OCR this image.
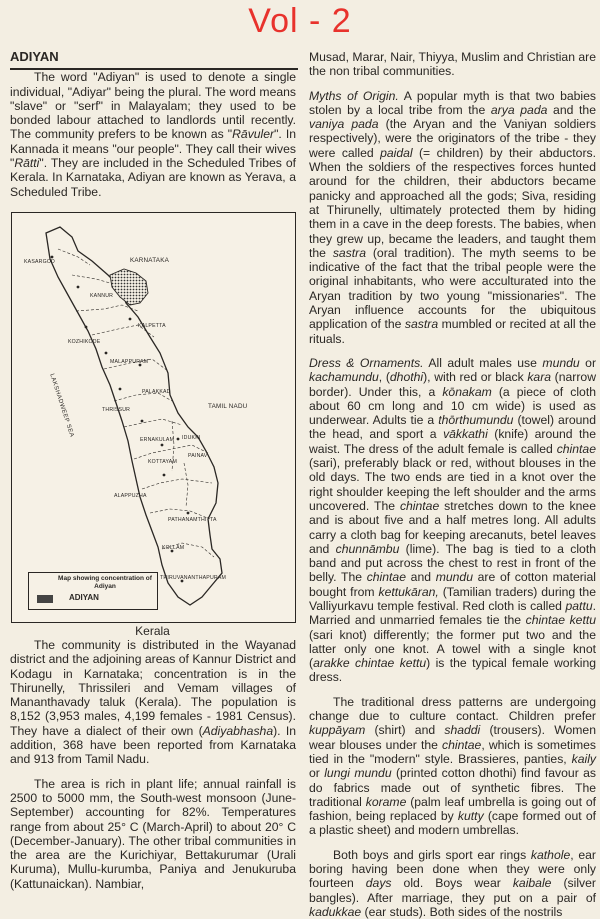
Vol - 2

ADIYAN

The word "Adiyan" is used to denote a single individual, "Adiyar" being the plural. The word means "slave" or "serf" in Malayalam; they used to be bonded labour attached to landlords until recently. The community prefers to be known as "Rāvuler". In Kannada it means "our people". They call their wives "Rātti". They are included in the Scheduled Tribes of Kerala. In Karnataka, Adiyan are known as Yerava, a Scheduled Tribe.

KASARGOD	KARNATAKA
KANNUR
KALPETTA
KOZHIKODE
MALAPPURAM
PALAKKAD
THRISSUR	TAMIL NADU
LAKSHADWEEP SEA
ERNAKULAM IDUKKI
KOTTAYAM
PAINAV
ALAPPUZHA
PATHANAMTHITTA
KOLLAM
THIRUVANANTHAPURAM
Map showing concentration of Adiyan
ADIYAN
Kerala

The community is distributed in the Wayanad district and the adjoining areas of Kannur District and Kodagu in Karnataka; concentration is in the Thirunelly, Thrissileri and Vemam villages of Mananthavady taluk (Kerala). The population is 8,152 (3,953 males, 4,199 females - 1981 Census). They have a dialect of their own (Adiyabhasha). In addition, 368 have been reported from Karnataka and 913 from Tamil Nadu.

The area is rich in plant life; annual rainfall is 2500 to 5000 mm, the South-west monsoon (June-September) accounting for 82%. Temperatures range from about 25° C (March-April) to about 20° C (December-January). The other tribal communities in the area are the Kurichiyar, Bettakurumar (Urali Kuruma), Mullu-kurumba, Paniya and Jenukuruba (Kattunaickan). Nambiar,

Musad, Marar, Nair, Thiyya, Muslim and Christian are the non tribal communities.

Myths of Origin. A popular myth is that two babies stolen by a local tribe from the arya pada and the vaniya pada (the Aryan and the Vaniyan soldiers respectively), were the originators of the tribe - they were called paidal (= children) by their abductors. When the soldiers of the respectives forces hunted around for the children, their abductors became panicky and approached all the gods; Siva, residing at Thirunelly, ultimately protected them by hiding them in a cave in the deep forests. The babies, when they grew up, became the leaders, and taught them the sastra (oral tradition). The myth seems to be indicative of the fact that the tribal people were the original inhabitants, who were acculturated into the Aryan tradition by two young "missionaries". The Aryan influence accounts for the ubiquitous application of the sastra mumbled or recited at all the rituals.

Dress & Ornaments. All adult males use mundu or kachamundu, (dhothi), with red or black kara (narrow border). Under this, a kōnakam (a piece of cloth about 60 cm long and 10 cm wide) is used as underwear. Adults tie a thōrthumundu (towel) around the head, and sport a vākkathi (knife) around the waist. The dress of the adult female is called chintae (sari), preferably black or red, without blouses in the old days. The two ends are tied in a knot over the right shoulder keeping the left shoulder and the arms uncovered. The chintae stretches down to the knee and is about five and a half metres long. All adults carry a cloth bag for keeping arecanuts, betel leaves and chunnāmbu (lime). The bag is tied to a cloth band and put across the chest to rest in front of the belly. The chintae and mundu are of cotton material bought from kettukāran, (Tamilian traders) during the Valliyurkavu temple festival. Red cloth is called pattu. Married and unmarried females tie the chintae kettu (sari knot) differently; the former put two and the latter only one knot. A towel with a single knot (arakke chintae kettu) is the typical female working dress.

The traditional dress patterns are undergoing change due to culture contact. Children prefer kuppāyam (shirt) and shaddi (trousers). Women wear blouses under the chintae, which is sometimes tied in the "modern" style. Brassieres, panties, kaily or lungi mundu (printed cotton dhothi) find favour as do fabrics made out of synthetic fibres. The traditional korame (palm leaf umbrella is going out of fashion, being replaced by kutty (cape formed out of a plastic sheet) and modern umbrellas.

Both boys and girls sport ear rings kathole, ear boring having been done when they were only fourteen days old. Boys wear kaibale (silver bangles). After marriage, they put on a pair of kadukkae (ear studs). Both sides of the nostrils
